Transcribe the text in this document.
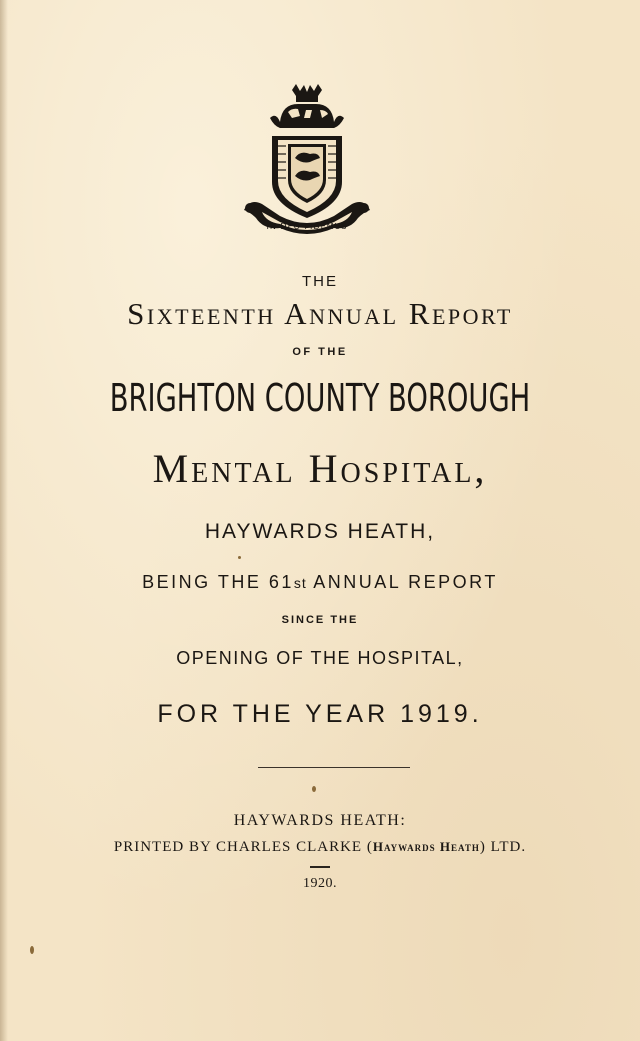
IN DEO FIDEMUS
THE
Sixteenth Annual Report
OF THE
BRIGHTON COUNTY BOROUGH
Mental Hospital,
HAYWARDS HEATH,
BEING THE 61st ANNUAL REPORT
SINCE THE
OPENING OF THE HOSPITAL,
FOR THE YEAR 1919.
HAYWARDS HEATH:
PRINTED BY CHARLES CLARKE (Haywards Heath) LTD.
1920.
